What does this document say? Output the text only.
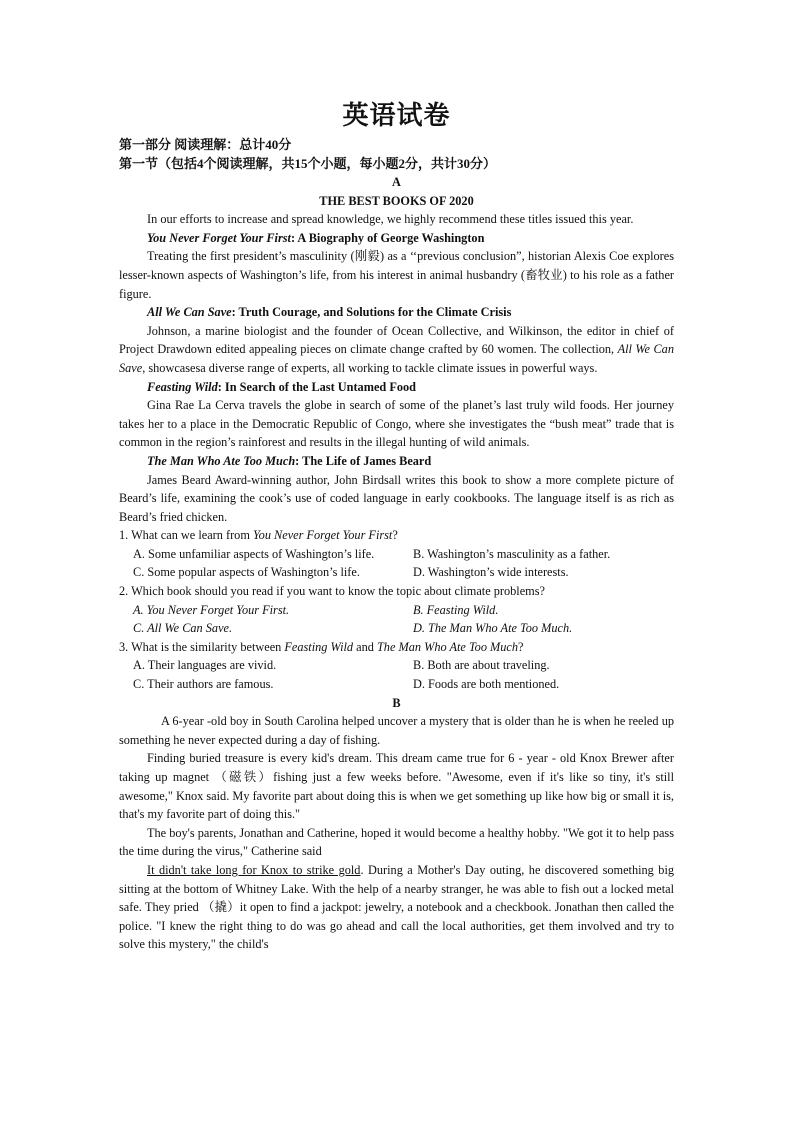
英语试卷
第一部分 阅读理解：总计40分
第一节（包括4个阅读理解，共15个小题，每小题2分，共计30分）
A
THE BEST BOOKS OF 2020

In our efforts to increase and spread knowledge, we highly recommend these titles issued this year.

You Never Forget Your First: A Biography of George Washington

Treating the first president’s masculinity (刚毅) as a ‘‘previous conclusion”, historian Alexis Coe explores lesser-known aspects of Washington’s life, from his interest in animal husbandry (畜牧业) to his role as a father figure.

All We Can Save: Truth Courage, and Solutions for the Climate Crisis

Johnson, a marine biologist and the founder of Ocean Collective, and Wilkinson, the editor in chief of Project Drawdown edited appealing pieces on climate change crafted by 60 women. The collection, All We Can Save, showcasesa diverse range of experts, all working to tackle climate issues in powerful ways.

Feasting Wild: In Search of the Last Untamed Food

Gina Rae La Cerva travels the globe in search of some of the planet’s last truly wild foods. Her journey takes her to a place in the Democratic Republic of Congo, where she investigates the “bush meat” trade that is common in the region’s rainforest and results in the illegal hunting of wild animals.

The Man Who Ate Too Much: The Life of James Beard

James Beard Award-winning author, John Birdsall writes this book to show a more complete picture of Beard’s life, examining the cook’s use of coded language in early cookbooks. The language itself is as rich as Beard’s fried chicken.

1. What can we learn from You Never Forget Your First?
A. Some unfamiliar aspects of Washington’s life.	B. Washington’s masculinity as a father.
C. Some popular aspects of Washington’s life.	D. Washington’s wide interests.
2. Which book should you read if you want to know the topic about climate problems?
A. You Never Forget Your First.	B. Feasting Wild.
C. All We Can Save.	D. The Man Who Ate Too Much.
3. What is the similarity between Feasting Wild and The Man Who Ate Too Much?
A. Their languages are vivid.	B. Both are about traveling.
C. Their authors are famous.	D. Foods are both mentioned.
B

A 6-year -old boy in South Carolina helped uncover a mystery that is older than he is when he reeled up something he never expected during a day of fishing.

Finding buried treasure is every kid's dream. This dream came true for 6 - year - old Knox Brewer after taking up magnet （磁铁）fishing just a few weeks before. "Awesome, even if it's like so tiny, it's still awesome," Knox said. My favorite part about doing this is when we get something up like how big or small it is, that's my favorite part of doing this."

The boy's parents, Jonathan and Catherine, hoped it would become a healthy hobby. "We got it to help pass the time during the virus," Catherine said

It didn't take long for Knox to strike gold. During a Mother's Day outing, he discovered something big sitting at the bottom of Whitney Lake. With the help of a nearby stranger, he was able to fish out a locked metal safe. They pried （撬）it open to find a jackpot: jewelry, a notebook and a checkbook. Jonathan then called the police. "I knew the right thing to do was go ahead and call the local authorities, get them involved and try to solve this mystery," the child's
